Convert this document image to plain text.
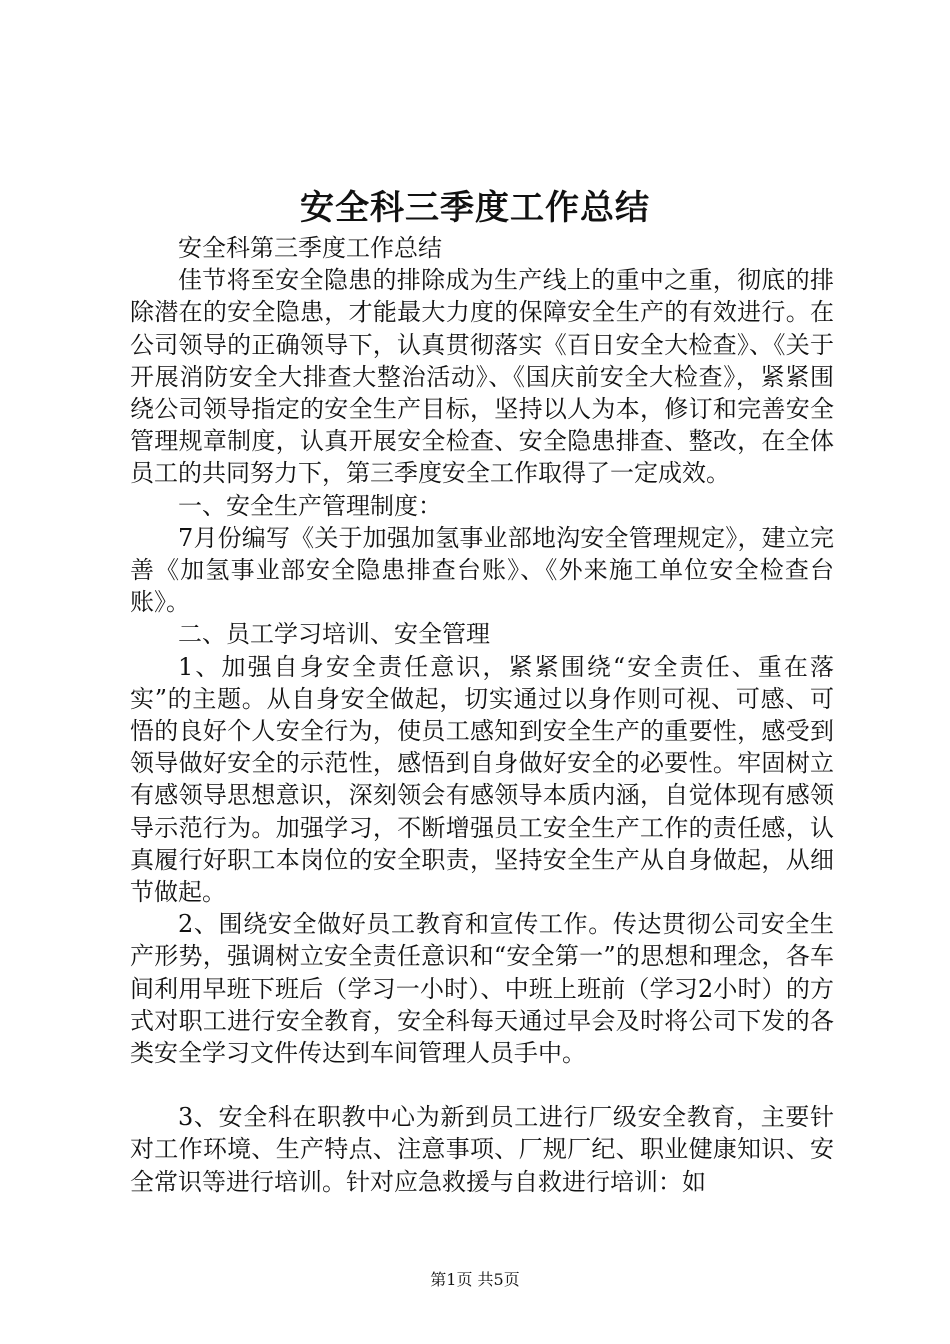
安全科三季度工作总结

安全科第三季度工作总结

佳节将至安全隐患的排除成为生产线上的重中之重，彻底的排除潜在的安全隐患，才能最大力度的保障安全生产的有效进行。在公司领导的正确领导下，认真贯彻落实《百日安全大检查》、《关于开展消防安全大排查大整治活动》、《国庆前安全大检查》，紧紧围绕公司领导指定的安全生产目标，坚持以人为本，修订和完善安全管理规章制度，认真开展安全检查、安全隐患排查、整改，在全体员工的共同努力下，第三季度安全工作取得了一定成效。

一、安全生产管理制度：

7月份编写《关于加强加氢事业部地沟安全管理规定》，建立完善《加氢事业部安全隐患排查台账》、《外来施工单位安全检查台账》。

二、员工学习培训、安全管理

1、加强自身安全责任意识，紧紧围绕“安全责任、重在落实”的主题。从自身安全做起，切实通过以身作则可视、可感、可悟的良好个人安全行为，使员工感知到安全生产的重要性，感受到领导做好安全的示范性，感悟到自身做好安全的必要性。牢固树立有感领导思想意识，深刻领会有感领导本质内涵，自觉体现有感领导示范行为。加强学习，不断增强员工安全生产工作的责任感，认真履行好职工本岗位的安全职责，坚持安全生产从自身做起，从细节做起。

2、围绕安全做好员工教育和宣传工作。传达贯彻公司安全生产形势，强调树立安全责任意识和“安全第一”的思想和理念，各车间利用早班下班后（学习一小时）、中班上班前（学习2小时）的方式对职工进行安全教育，安全科每天通过早会及时将公司下发的各类安全学习文件传达到车间管理人员手中。

3、安全科在职教中心为新到员工进行厂级安全教育，主要针对工作环境、生产特点、注意事项、厂规厂纪、职业健康知识、安全常识等进行培训。针对应急救援与自救进行培训：如

第1页 共5页
